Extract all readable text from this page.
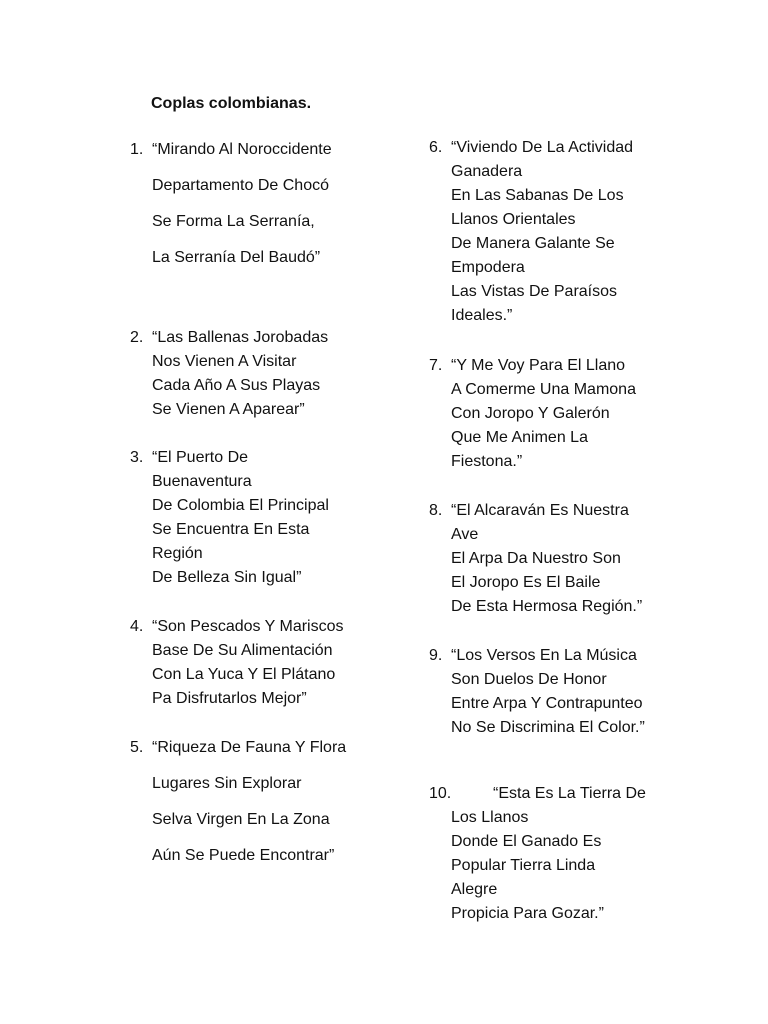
Coplas colombianas.
1. “Mirando Al Noroccidente
Departamento De Chocó
Se Forma La Serranía,
La Serranía Del Baudó”
2. “Las Ballenas Jorobadas
Nos Vienen A Visitar
Cada Año A Sus Playas
Se Vienen A Aparear”
3. “El Puerto De
Buenaventura
De Colombia El Principal
Se Encuentra En Esta
Región
De Belleza Sin Igual”
4. “Son Pescados Y Mariscos
Base De Su Alimentación
Con La Yuca Y El Plátano
Pa Disfrutarlos Mejor”
5. “Riqueza De Fauna Y Flora
Lugares Sin Explorar
Selva Virgen En La Zona
Aún Se Puede Encontrar”
6. “Viviendo De La Actividad
Ganadera
En Las Sabanas De Los
Llanos Orientales
De Manera Galante Se
Empodera
Las Vistas De Paraísos
Ideales.”
7. “Y Me Voy Para El Llano
A Comerme Una Mamona
Con Joropo Y Galerón
Que Me Animen La
Fiestona.”
8. “El Alcaraván Es Nuestra
Ave
El Arpa Da Nuestro Son
El Joropo Es El Baile
De Esta Hermosa Región.”
9. “Los Versos En La Música
Son Duelos De Honor
Entre Arpa Y Contrapunteo
No Se Discrimina El Color.”
10.	“Esta Es La Tierra De
Los Llanos
Donde El Ganado Es
Popular Tierra Linda
Alegre
Propicia Para Gozar.”
